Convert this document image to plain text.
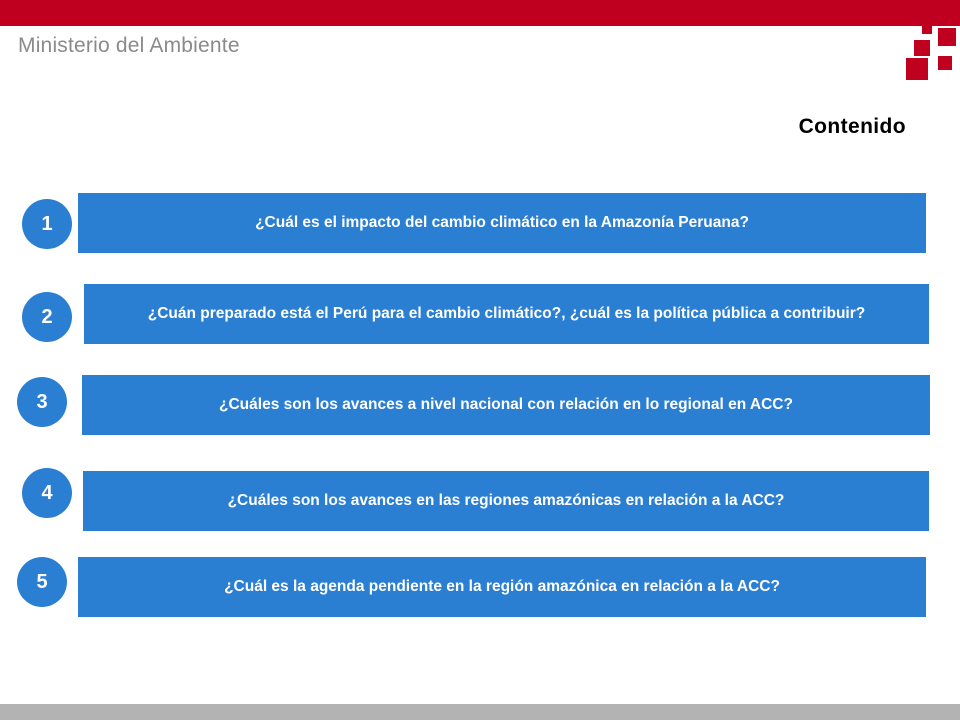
Ministerio del Ambiente
Contenido
¿Cuál es el impacto del cambio climático en la Amazonía Peruana?
1
¿Cuán preparado está el Perú para el cambio climático?, ¿cuál es la política pública a contribuir?
2
¿Cuáles son los avances a nivel nacional con relación en lo regional en ACC?
3
¿Cuáles son los avances en las regiones amazónicas en relación a la ACC?
4
¿Cuál es la agenda pendiente en la región amazónica en relación a la ACC?
5
